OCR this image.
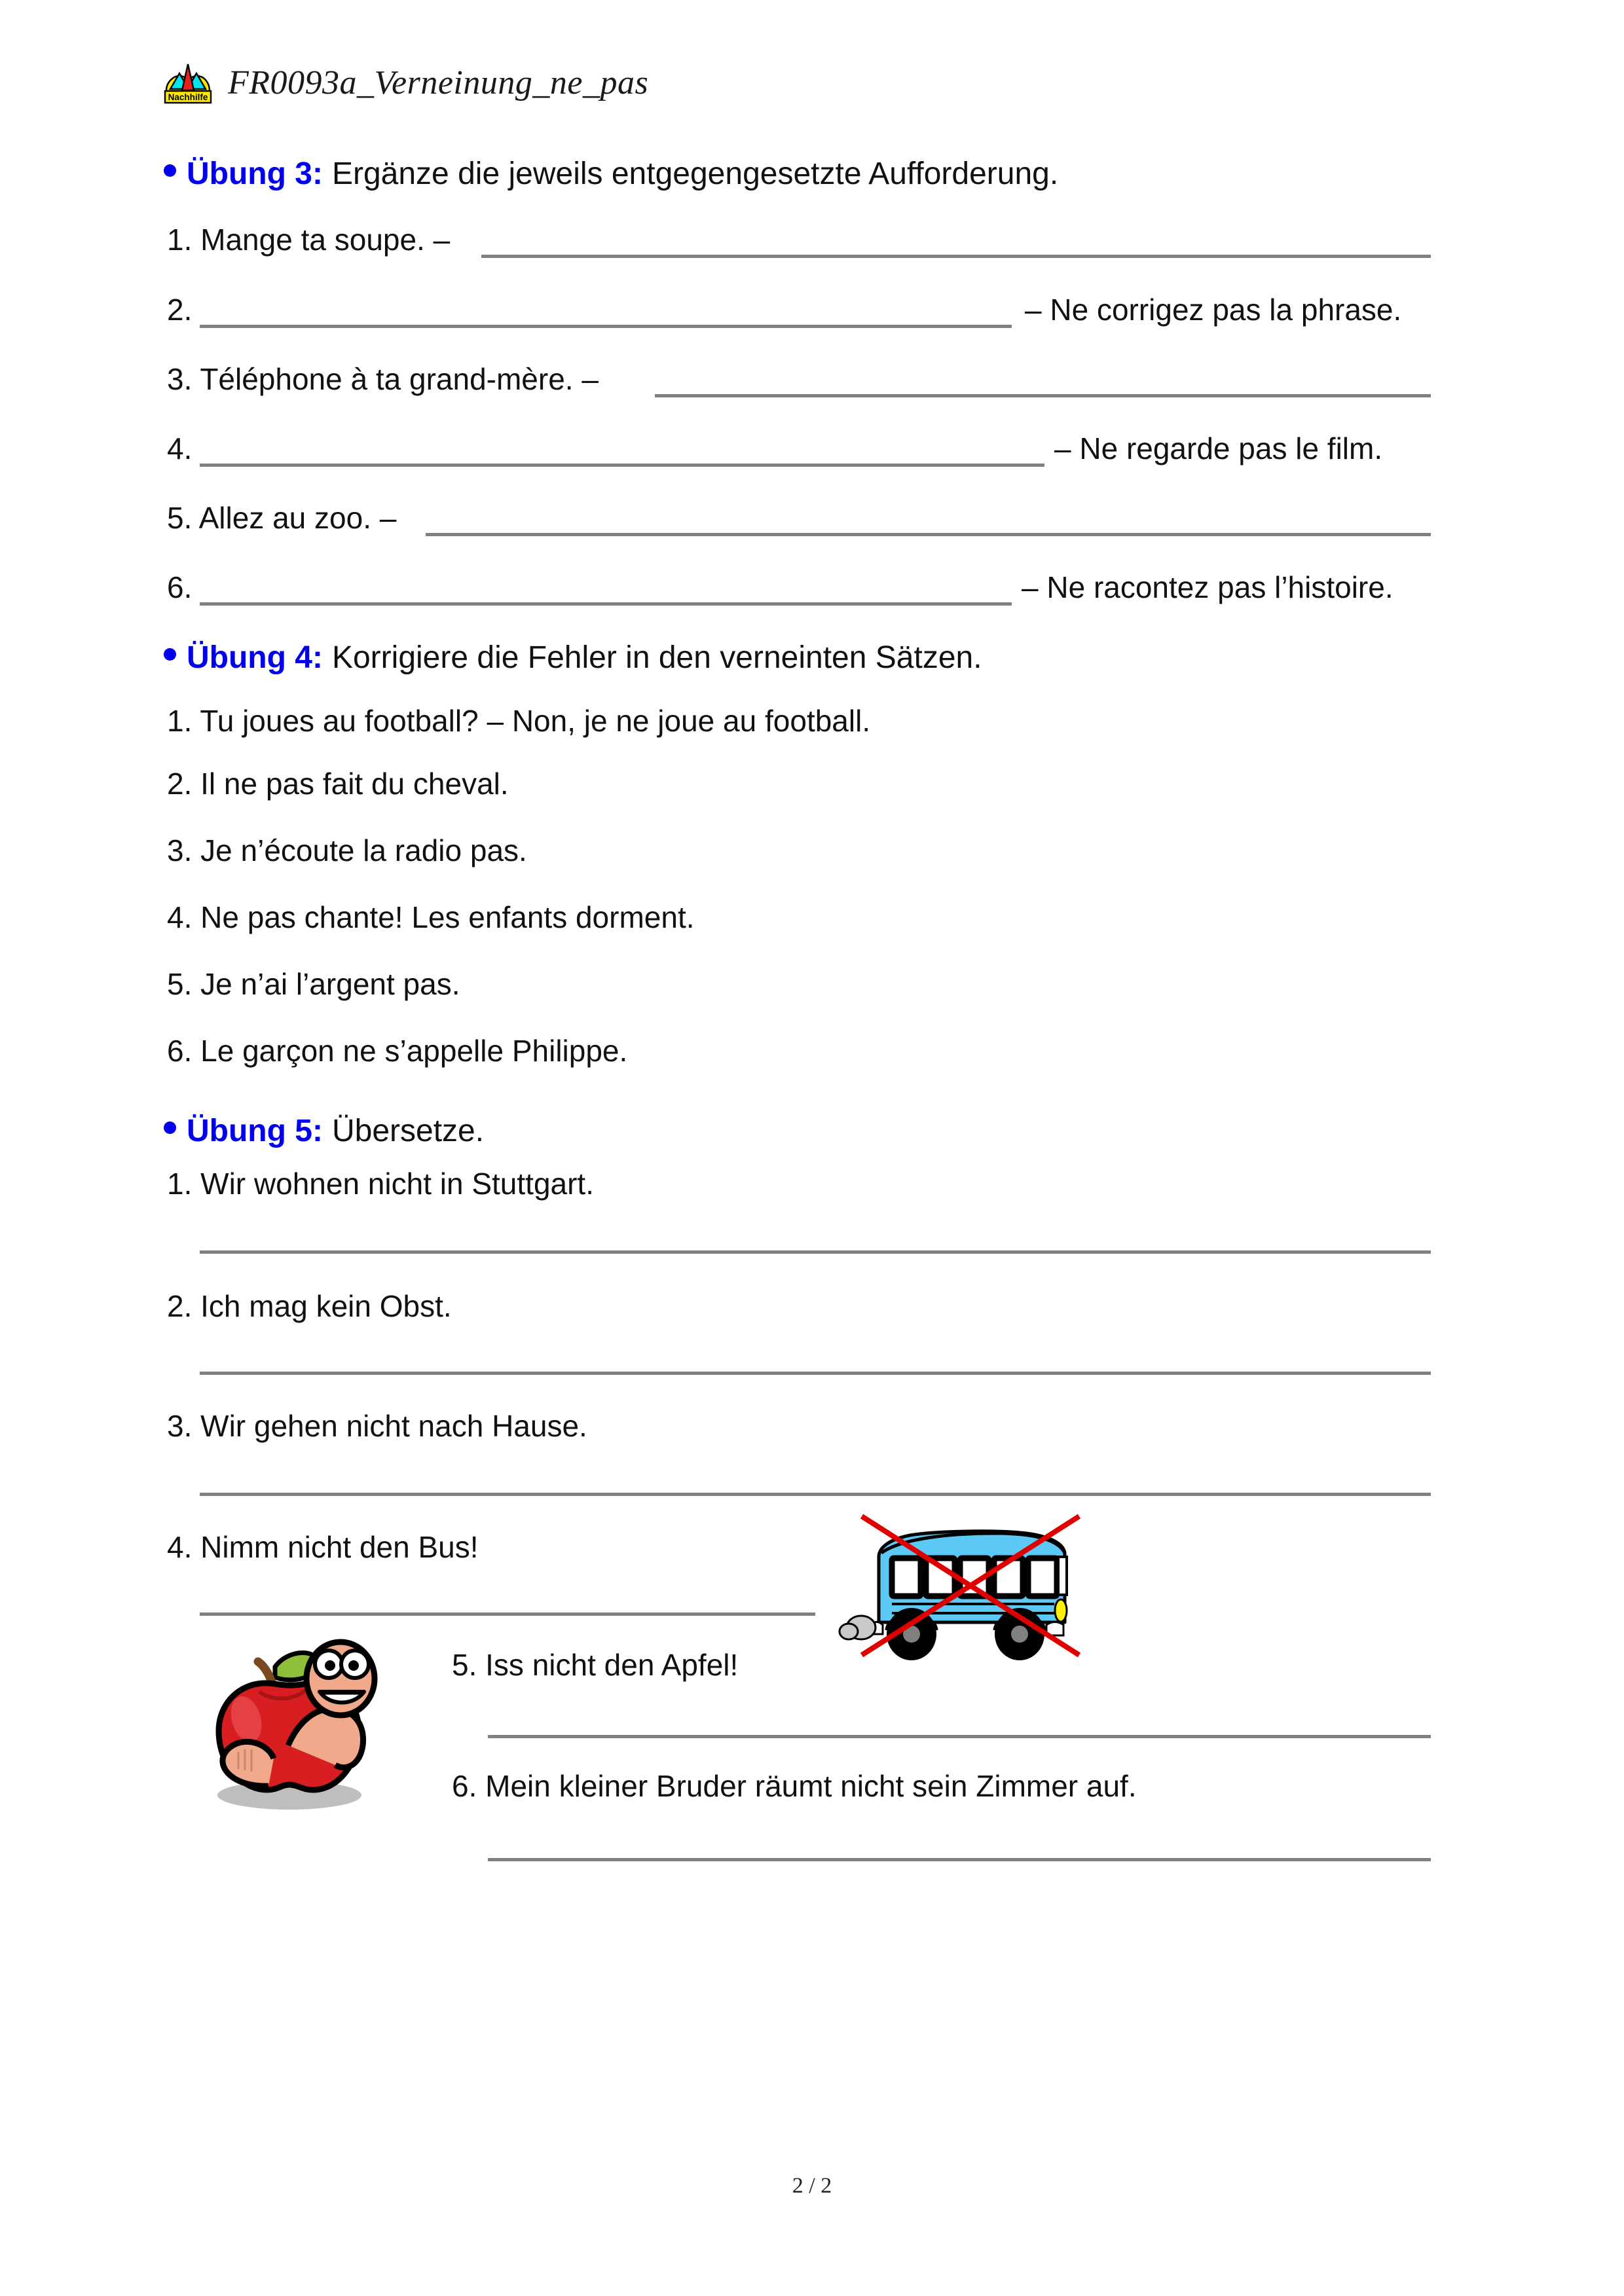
Nachhilfe FR0093a_Verneinung_ne_pas
Übung 3: Ergänze die jeweils entgegengesetzte Aufforderung.
1. Mange ta soupe. –
2.	– Ne corrigez pas la phrase.
3. Téléphone à ta grand-mère. –
4.	– Ne regarde pas le film.
5. Allez au zoo. –
6.	– Ne racontez pas l’histoire.
Übung 4: Korrigiere die Fehler in den verneinten Sätzen.
1. Tu joues au football? – Non, je ne joue au football.
2. Il ne pas fait du cheval.
3. Je n’écoute la radio pas.
4. Ne pas chante! Les enfants dorment.
5. Je n’ai l’argent pas.
6. Le garçon ne s’appelle Philippe.
Übung 5: Übersetze.
1. Wir wohnen nicht in Stuttgart.
2. Ich mag kein Obst.
3. Wir gehen nicht nach Hause.
4. Nimm nicht den Bus!
5. Iss nicht den Apfel!
6. Mein kleiner Bruder räumt nicht sein Zimmer auf.
2 / 2
